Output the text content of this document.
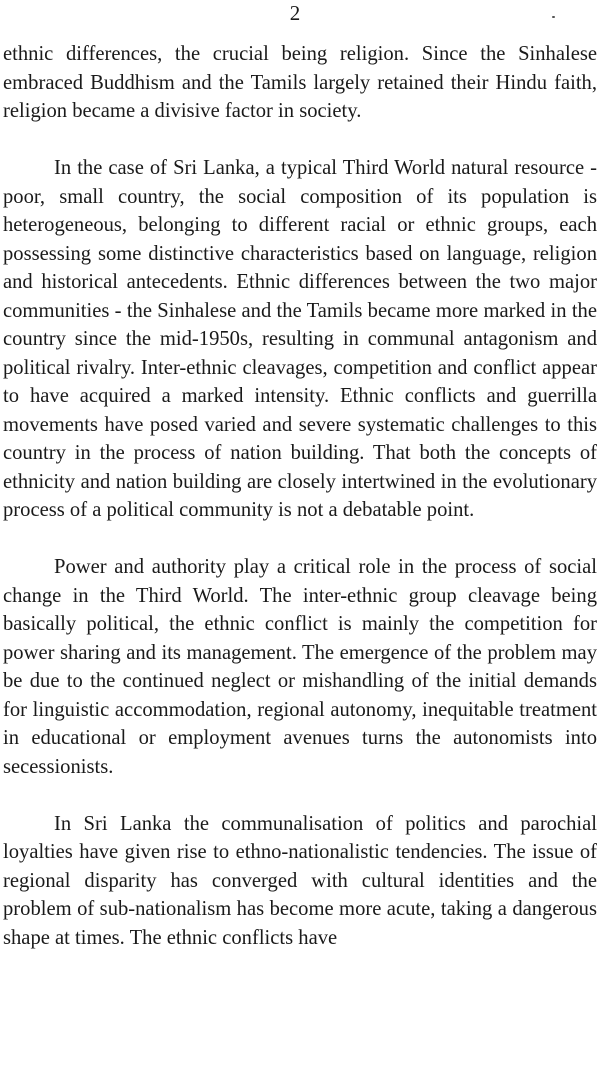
2

ethnic differences, the crucial being religion. Since the Sinhalese embraced Buddhism and the Tamils largely retained their Hindu faith, religion became a divisive factor in society.

In the case of Sri Lanka, a typical Third World natural resource - poor, small country, the social composition of its population is heterogeneous, belonging to different racial or ethnic groups, each possessing some distinctive characteristics based on language, religion and historical antecedents. Ethnic differences between the two major communities - the Sinhalese and the Tamils became more marked in the country since the mid-1950s, resulting in communal antagonism and political rivalry. Inter-ethnic cleavages, competition and conflict appear to have acquired a marked intensity. Ethnic conflicts and guerrilla movements have posed varied and severe systematic challenges to this country in the process of nation building. That both the concepts of ethnicity and nation building are closely intertwined in the evolutionary process of a political community is not a debatable point.

Power and authority play a critical role in the process of social change in the Third World. The inter-ethnic group cleavage being basically political, the ethnic conflict is mainly the competition for power sharing and its management. The emergence of the problem may be due to the continued neglect or mishandling of the initial demands for linguistic accommodation, regional autonomy, inequitable treatment in educational or employment avenues turns the autonomists into secessionists.

In Sri Lanka the communalisation of politics and parochial loyalties have given rise to ethno-nationalistic tendencies. The issue of regional disparity has converged with cultural identities and the problem of sub-nationalism has become more acute, taking a dangerous shape at times. The ethnic conflicts have
